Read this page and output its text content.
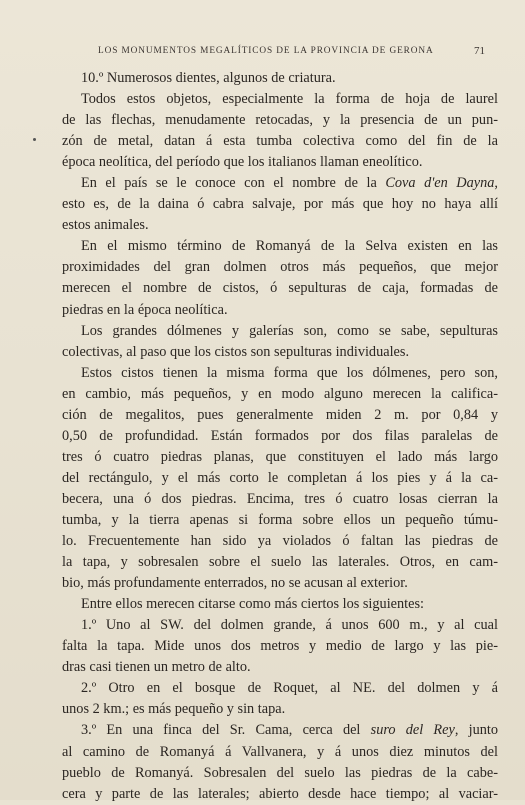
LOS MONUMENTOS MEGALÍTICOS DE LA PROVINCIA DE GERONA	71
10.º Numerosos dientes, algunos de criatura.
Todos estos objetos, especialmente la forma de hoja de laurel
de las flechas, menudamente retocadas, y la presencia de un pun-
zón de metal, datan á esta tumba colectiva como del fin de la
época neolítica, del período que los italianos llaman eneolítico.
En el país se le conoce con el nombre de la Cova d'en Dayna,
esto es, de la daina ó cabra salvaje, por más que hoy no haya allí
estos animales.
En el mismo término de Romanyá de la Selva existen en las
proximidades del gran dolmen otros más pequeños, que mejor
merecen el nombre de cistos, ó sepulturas de caja, formadas de
piedras en la época neolítica.
Los grandes dólmenes y galerías son, como se sabe, sepulturas
colectivas, al paso que los cistos son sepulturas individuales.
Estos cistos tienen la misma forma que los dólmenes, pero son,
en cambio, más pequeños, y en modo alguno merecen la califica-
ción de megalitos, pues generalmente miden 2 m. por 0,84 y
0,50 de profundidad. Están formados por dos filas paralelas de
tres ó cuatro piedras planas, que constituyen el lado más largo
del rectángulo, y el más corto le completan á los pies y á la ca-
becera, una ó dos piedras. Encima, tres ó cuatro losas cierran la
tumba, y la tierra apenas si forma sobre ellos un pequeño túmu-
lo. Frecuentemente han sido ya violados ó faltan las piedras de
la tapa, y sobresalen sobre el suelo las laterales. Otros, en cam-
bio, más profundamente enterrados, no se acusan al exterior.
Entre ellos merecen citarse como más ciertos los siguientes:
1.º Uno al SW. del dolmen grande, á unos 600 m., y al cual
falta la tapa. Mide unos dos metros y medio de largo y las pie-
dras casi tienen un metro de alto.
2.º Otro en el bosque de Roquet, al NE. del dolmen y á
unos 2 km.; es más pequeño y sin tapa.
3.º En una finca del Sr. Cama, cerca del suro del Rey, junto
al camino de Romanyá á Vallvanera, y á unos diez minutos del
pueblo de Romanyá. Sobresalen del suelo las piedras de la cabe-
cera y parte de las laterales; abierto desde hace tiempo; al vaciar-
